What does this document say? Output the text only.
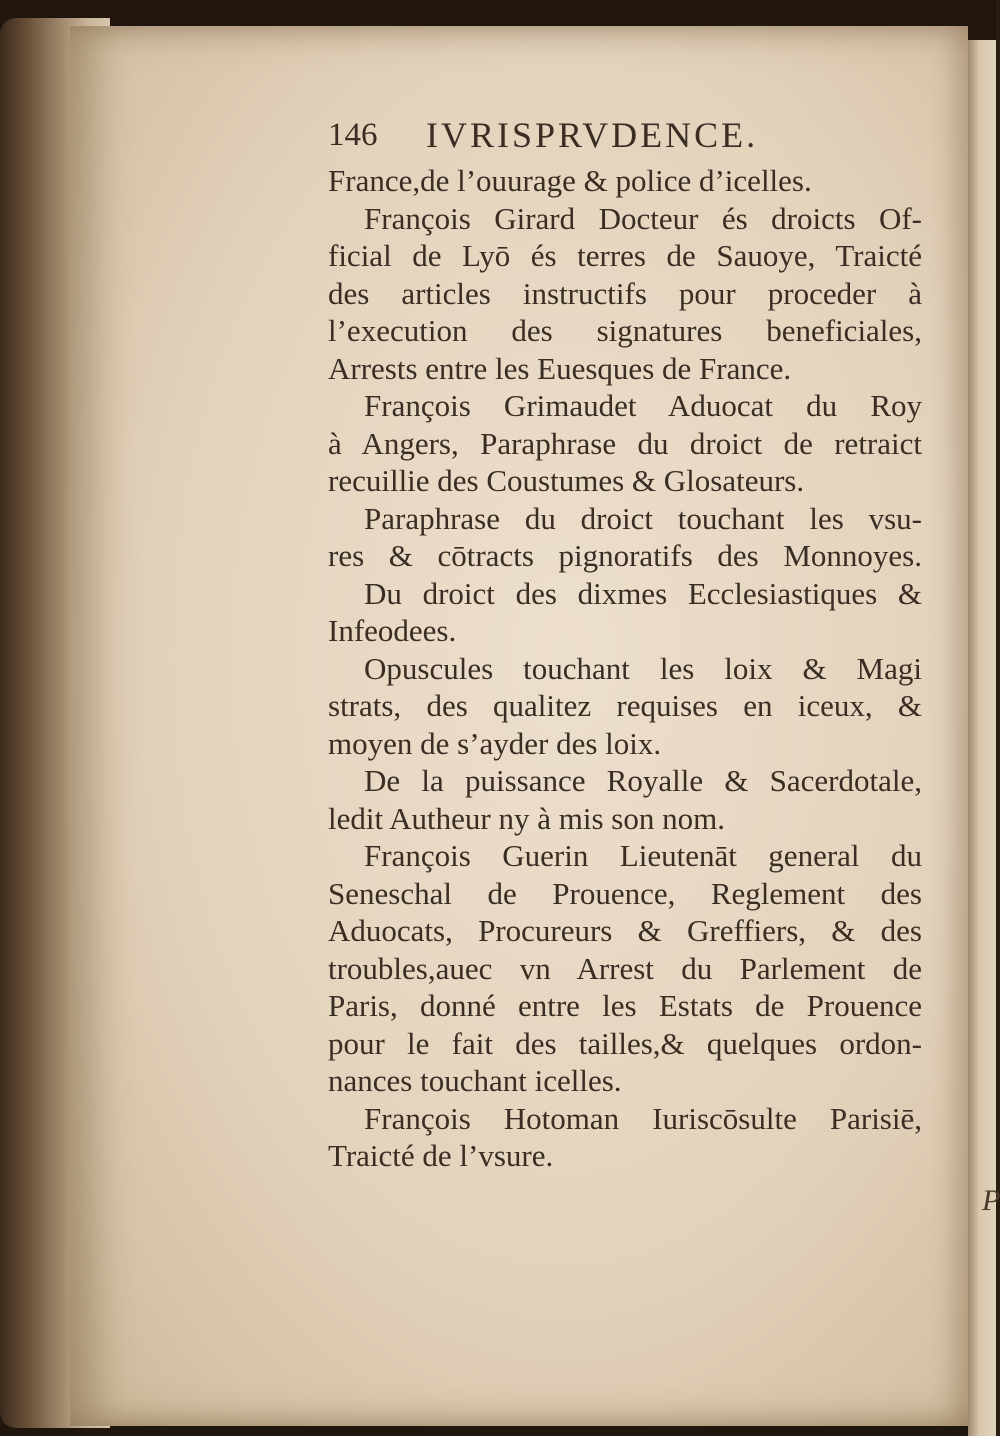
P
146 IVRISPRVDENCE.
France,de l’ouurage & police d’icelles.
François Girard Docteur és droicts Of-
ficial de Lyō és terres de Sauoye, Traicté
des articles instructifs pour proceder à
l’execution des signatures beneficiales,
Arrests entre les Euesques de France.
François Grimaudet Aduocat du Roy
à Angers, Paraphrase du droict de retraict
recuillie des Coustumes & Glosateurs.
Paraphrase du droict touchant les vsu-
res & cōtracts pignoratifs des Monnoyes.
Du droict des dixmes Ecclesiastiques &
Infeodees.
Opuscules touchant les loix & Magi
strats, des qualitez requises en iceux, &
moyen de s’ayder des loix.
De la puissance Royalle & Sacerdotale,
ledit Autheur ny à mis son nom.
François Guerin Lieutenāt general du
Seneschal de Prouence, Reglement des
Aduocats, Procureurs & Greffiers, & des
troubles,auec vn Arrest du Parlement de
Paris, donné entre les Estats de Prouence
pour le fait des tailles,& quelques ordon-
nances touchant icelles.
François Hotoman Iuriscōsulte Parisiē,
Traicté de l’vsure.
